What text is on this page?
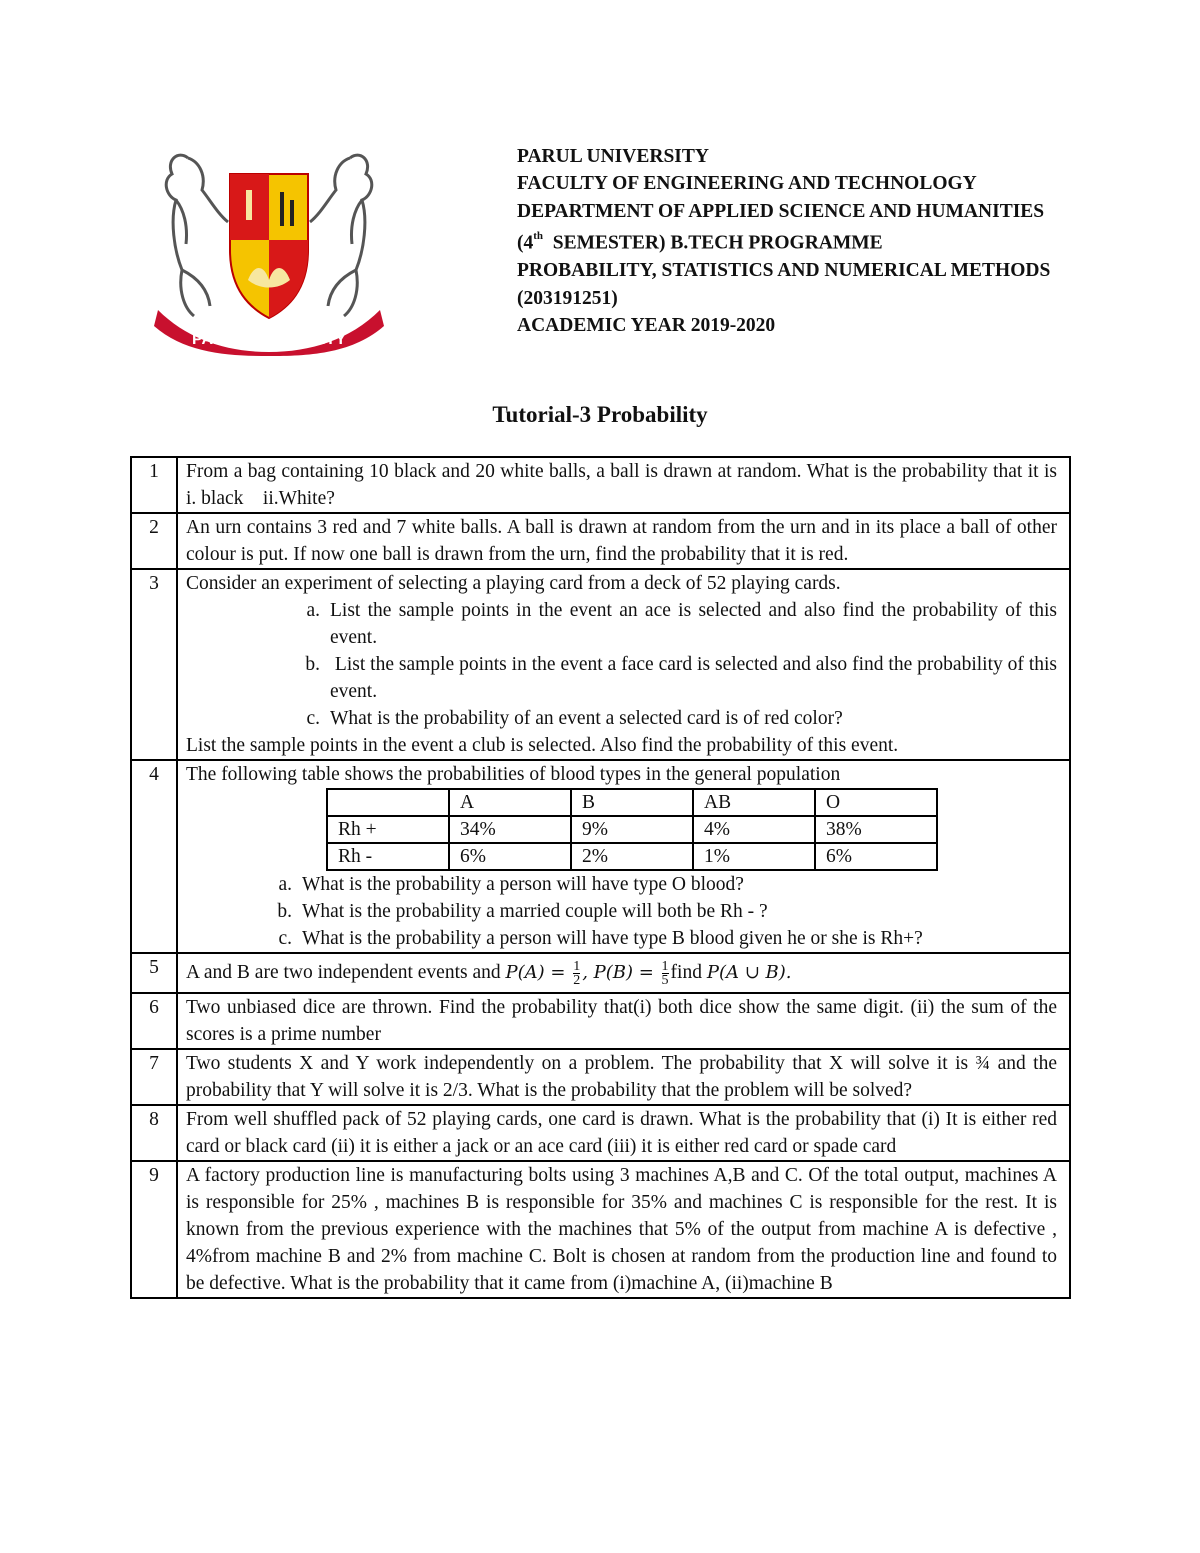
PARUL UNIVERSITY
PARUL UNIVERSITY
FACULTY OF ENGINEERING AND TECHNOLOGY
DEPARTMENT OF APPLIED SCIENCE AND HUMANITIES
(4th  SEMESTER) B.TECH PROGRAMME
PROBABILITY, STATISTICS AND NUMERICAL METHODS
(203191251)
ACADEMIC YEAR 2019-2020
Tutorial-3 Probability
1	From a bag containing 10 black and 20 white balls, a ball is drawn at random. What is the probability that it is i. black    ii.White?
2	An urn contains 3 red and 7 white balls. A ball is drawn at random from the urn and in its place a ball of other colour is put. If now one ball is drawn from the urn, find the probability that it is red.
3	Consider an experiment of selecting a playing card from a deck of 52 playing cards.
a. List the sample points in the event an ace is selected and also find the probability of this event.
b. List the sample points in the event a face card is selected and also find the probability of this event.
c. What is the probability of an event a selected card is of red color?
List the sample points in the event a club is selected. Also find the probability of this event.

4	The following table shows the probabilities of blood types in the general population
	A	B	AB	O
Rh +	34%	9%	4%	38%
Rh -	6%	2%	1%	6%
a. What is the probability a person will have type O blood?
b. What is the probability a married couple will both be Rh - ?
c. What is the probability a person will have type B blood given he or she is Rh+?

5	A and B are two independent events and $P(A) = \frac{1}{2}$ , $P(B) = \frac{1}{5}$ find P(A ∪ B).
6	Two unbiased dice are thrown. Find the probability that(i) both dice show the same digit. (ii) the sum of the scores is a prime number
7	Two students X and Y work independently on a problem. The probability that X will solve it is ¾ and the probability that Y will solve it is 2/3. What is the probability that the problem will be solved?
8	From well shuffled pack of 52 playing cards, one card is drawn. What is the probability that (i) It is either red card or black card (ii) it is either a jack or an ace card (iii) it is either red card or spade card
9	A factory production line is manufacturing bolts using 3 machines A,B and C. Of the total output, machines A is responsible for 25% , machines B is responsible for 35% and machines C is responsible for the rest. It is known from the previous experience with the machines that 5% of the output from machine A is defective , 4%from machine B and 2% from machine C. Bolt is chosen at random from the production line and found to be defective. What is the probability that it came from (i)machine A, (ii)machine B
